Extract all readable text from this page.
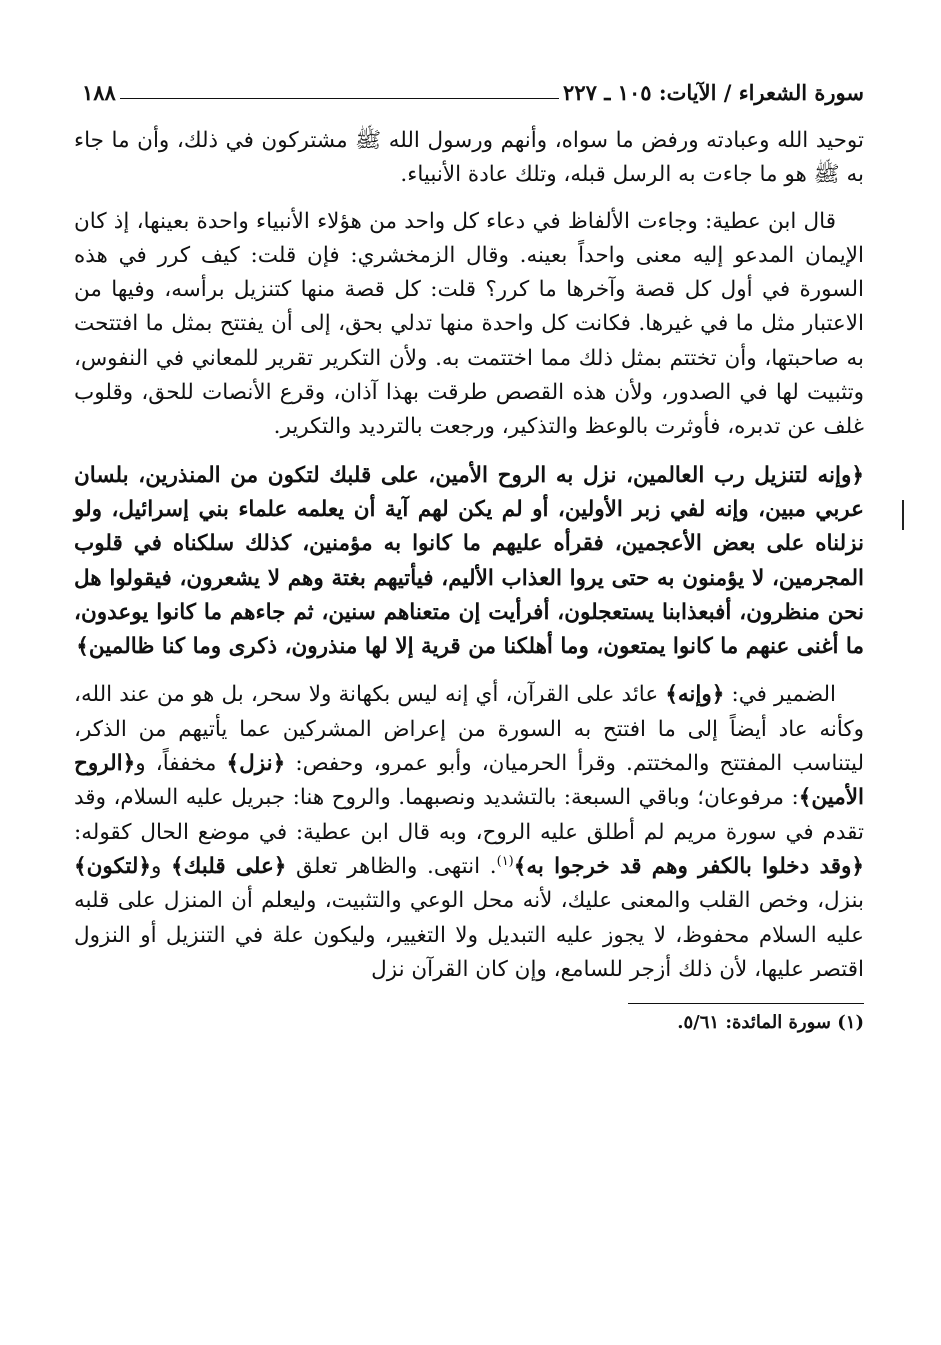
سورة الشعراء / الآيات: ١٠٥ ـ ٢٢٧
١٨٨

توحيد الله وعبادته ورفض ما سواه، وأنهم ورسول الله ﷺ مشتركون في ذلك، وأن ما جاء به ﷺ هو ما جاءت به الرسل قبله، وتلك عادة الأنبياء.

قال ابن عطية: وجاءت الألفاظ في دعاء كل واحد من هؤلاء الأنبياء واحدة بعينها، إذ كان الإيمان المدعو إليه معنى واحداً بعينه. وقال الزمخشري: فإن قلت: كيف كرر في هذه السورة في أول كل قصة وآخرها ما كرر؟ قلت: كل قصة منها كتنزيل برأسه، وفيها من الاعتبار مثل ما في غيرها. فكانت كل واحدة منها تدلي بحق، إلى أن يفتتح بمثل ما افتتحت به صاحبتها، وأن تختتم بمثل ذلك مما اختتمت به. ولأن التكرير تقرير للمعاني في النفوس، وتثبيت لها في الصدور، ولأن هذه القصص طرقت بهذا آذان، وقرع الأنصات للحق، وقلوب غلف عن تدبره، فأوثرت بالوعظ والتذكير، ورجعت بالترديد والتكرير.

﴿وإنه لتنزيل رب العالمين، نزل به الروح الأمين، على قلبك لتكون من المنذرين، بلسان عربي مبين، وإنه لفي زبر الأولين، أو لم يكن لهم آية أن يعلمه علماء بني إسرائيل، ولو نزلناه على بعض الأعجمين، فقرأه عليهم ما كانوا به مؤمنين، كذلك سلكناه في قلوب المجرمين، لا يؤمنون به حتى يروا العذاب الأليم، فيأتيهم بغتة وهم لا يشعرون، فيقولوا هل نحن منظرون، أفبعذابنا يستعجلون، أفرأيت إن متعناهم سنين، ثم جاءهم ما كانوا يوعدون، ما أغنى عنهم ما كانوا يمتعون، وما أهلكنا من قرية إلا لها منذرون، ذكرى وما كنا ظالمين﴾

الضمير في: ﴿وإنه﴾ عائد على القرآن، أي إنه ليس بكهانة ولا سحر، بل هو من عند الله، وكأنه عاد أيضاً إلى ما افتتح به السورة من إعراض المشركين عما يأتيهم من الذكر، ليتناسب المفتتح والمختتم. وقرأ الحرميان، وأبو عمرو، وحفص: ﴿نزل﴾ مخففاً، و﴿الروح الأمين﴾: مرفوعان؛ وباقي السبعة: بالتشديد ونصبهما. والروح هنا: جبريل عليه السلام، وقد تقدم في سورة مريم لم أطلق عليه الروح، وبه قال ابن عطية: في موضع الحال كقوله: ﴿وقد دخلوا بالكفر وهم قد خرجوا به﴾$^{(١)}$. انتهى. والظاهر تعلق ﴿على قلبك﴾ و﴿لتكون﴾ بنزل، وخص القلب والمعنى عليك، لأنه محل الوعي والتثبيت، وليعلم أن المنزل على قلبه عليه السلام محفوظ، لا يجوز عليه التبديل ولا التغيير، وليكون علة في التنزيل أو النزول اقتصر عليها، لأن ذلك أزجر للسامع، وإن كان القرآن نزل

(١) سورة المائدة: ٥/٦١.
